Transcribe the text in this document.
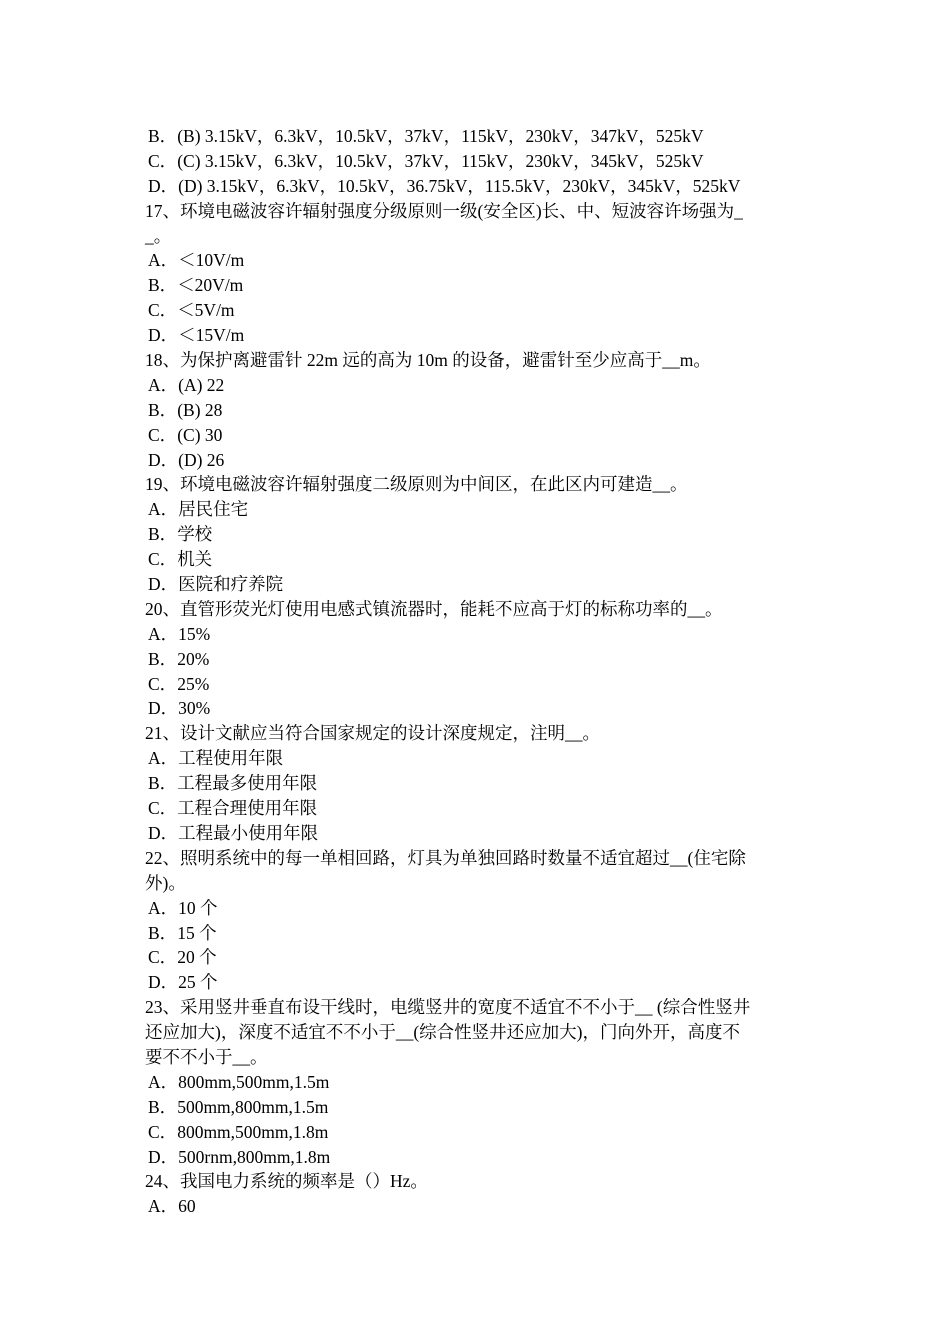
B．(B) 3.15kV，6.3kV，10.5kV，37kV，115kV，230kV，347kV，525kV
C．(C) 3.15kV，6.3kV，10.5kV，37kV，115kV，230kV，345kV，525kV
D．(D) 3.15kV，6.3kV，10.5kV，36.75kV，115.5kV，230kV，345kV，525kV
17、环境电磁波容许辐射强度分级原则一级(安全区)长、中、短波容许场强为_
_。
A．＜10V/m
B．＜20V/m
C．＜5V/m
D．＜15V/m
18、为保护离避雷针 22m 远的高为 10m 的设备，避雷针至少应高于__m。
A．(A) 22
B．(B) 28
C．(C) 30
D．(D) 26
19、环境电磁波容许辐射强度二级原则为中间区，在此区内可建造__。
A．居民住宅
B．学校
C．机关
D．医院和疗养院
20、直管形荧光灯使用电感式镇流器时，能耗不应高于灯的标称功率的__。
A．15%
B．20%
C．25%
D．30%
21、设计文献应当符合国家规定的设计深度规定，注明__。
A．工程使用年限
B．工程最多使用年限
C．工程合理使用年限
D．工程最小使用年限
22、照明系统中的每一单相回路，灯具为单独回路时数量不适宜超过__(住宅除
外)。
A．10 个
B．15 个
C．20 个
D．25 个
23、采用竖井垂直布设干线时，电缆竖井的宽度不适宜不不小于__ (综合性竖井
还应加大)，深度不适宜不不小于__(综合性竖井还应加大)，门向外开，高度不
要不不小于__。
A．800mm,500mm,1.5m
B．500mm,800mm,1.5m
C．800mm,500mm,1.8m
D．500rnm,800mm,1.8m
24、我国电力系统的频率是（）Hz。
A．60
